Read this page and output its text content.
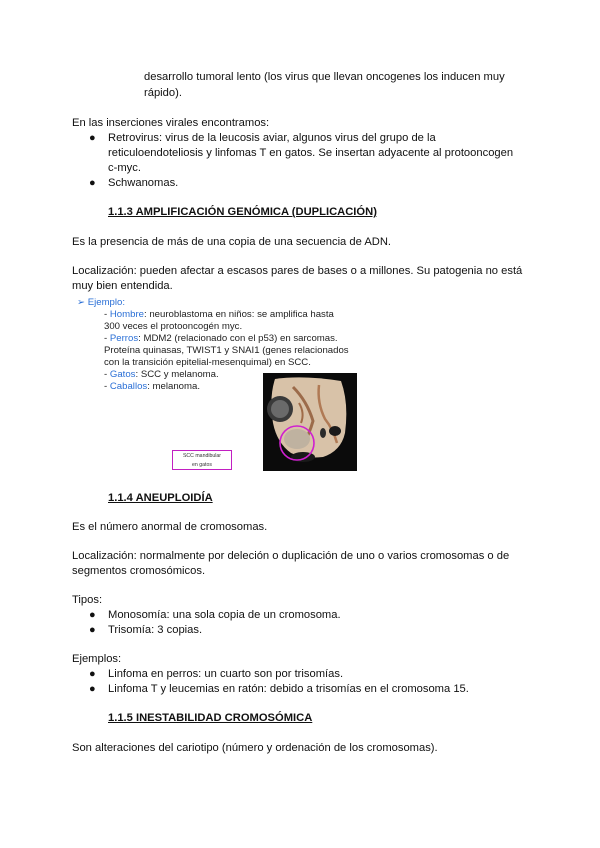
desarrollo tumoral lento (los virus que llevan oncogenes los inducen muy
rápido).
En las inserciones virales encontramos:
● Retrovirus: virus de la leucosis aviar, algunos virus del grupo de la
reticuloendoteliosis y linfomas T en gatos. Se insertan adyacente al protooncogen
c-myc.
● Schwanomas.
1.1.3 AMPLIFICACIÓN GENÓMICA (DUPLICACIÓN)
Es la presencia de más de una copia de una secuencia de ADN.
Localización: pueden afectar a escasos pares de bases o a millones. Su patogenia no está
muy bien entendida.
➢ Ejemplo:
- Hombre: neuroblastoma en niños: se amplifica hasta
300 veces el protooncogén myc.
- Perros: MDM2 (relacionado con el p53) en sarcomas.
Proteína quinasas, TWIST1 y SNAI1 (genes relacionados
con la transición epitelial-mesenquimal) en SCC.
- Gatos: SCC y melanoma.
- Caballos: melanoma.
SCC mandibular
en gatos
1.1.4 ANEUPLOIDÍA
Es el número anormal de cromosomas.
Localización: normalmente por deleción o duplicación de uno o varios cromosomas o de
segmentos cromosómicos.
Tipos:
● Monosomía: una sola copia de un cromosoma.
● Trisomía: 3 copias.
Ejemplos:
● Linfoma en perros: un cuarto son por trisomías.
● Linfoma T y leucemias en ratón: debido a trisomías en el cromosoma 15.
1.1.5 INESTABILIDAD CROMOSÓMICA
Son alteraciones del cariotipo (número y ordenación de los cromosomas).
